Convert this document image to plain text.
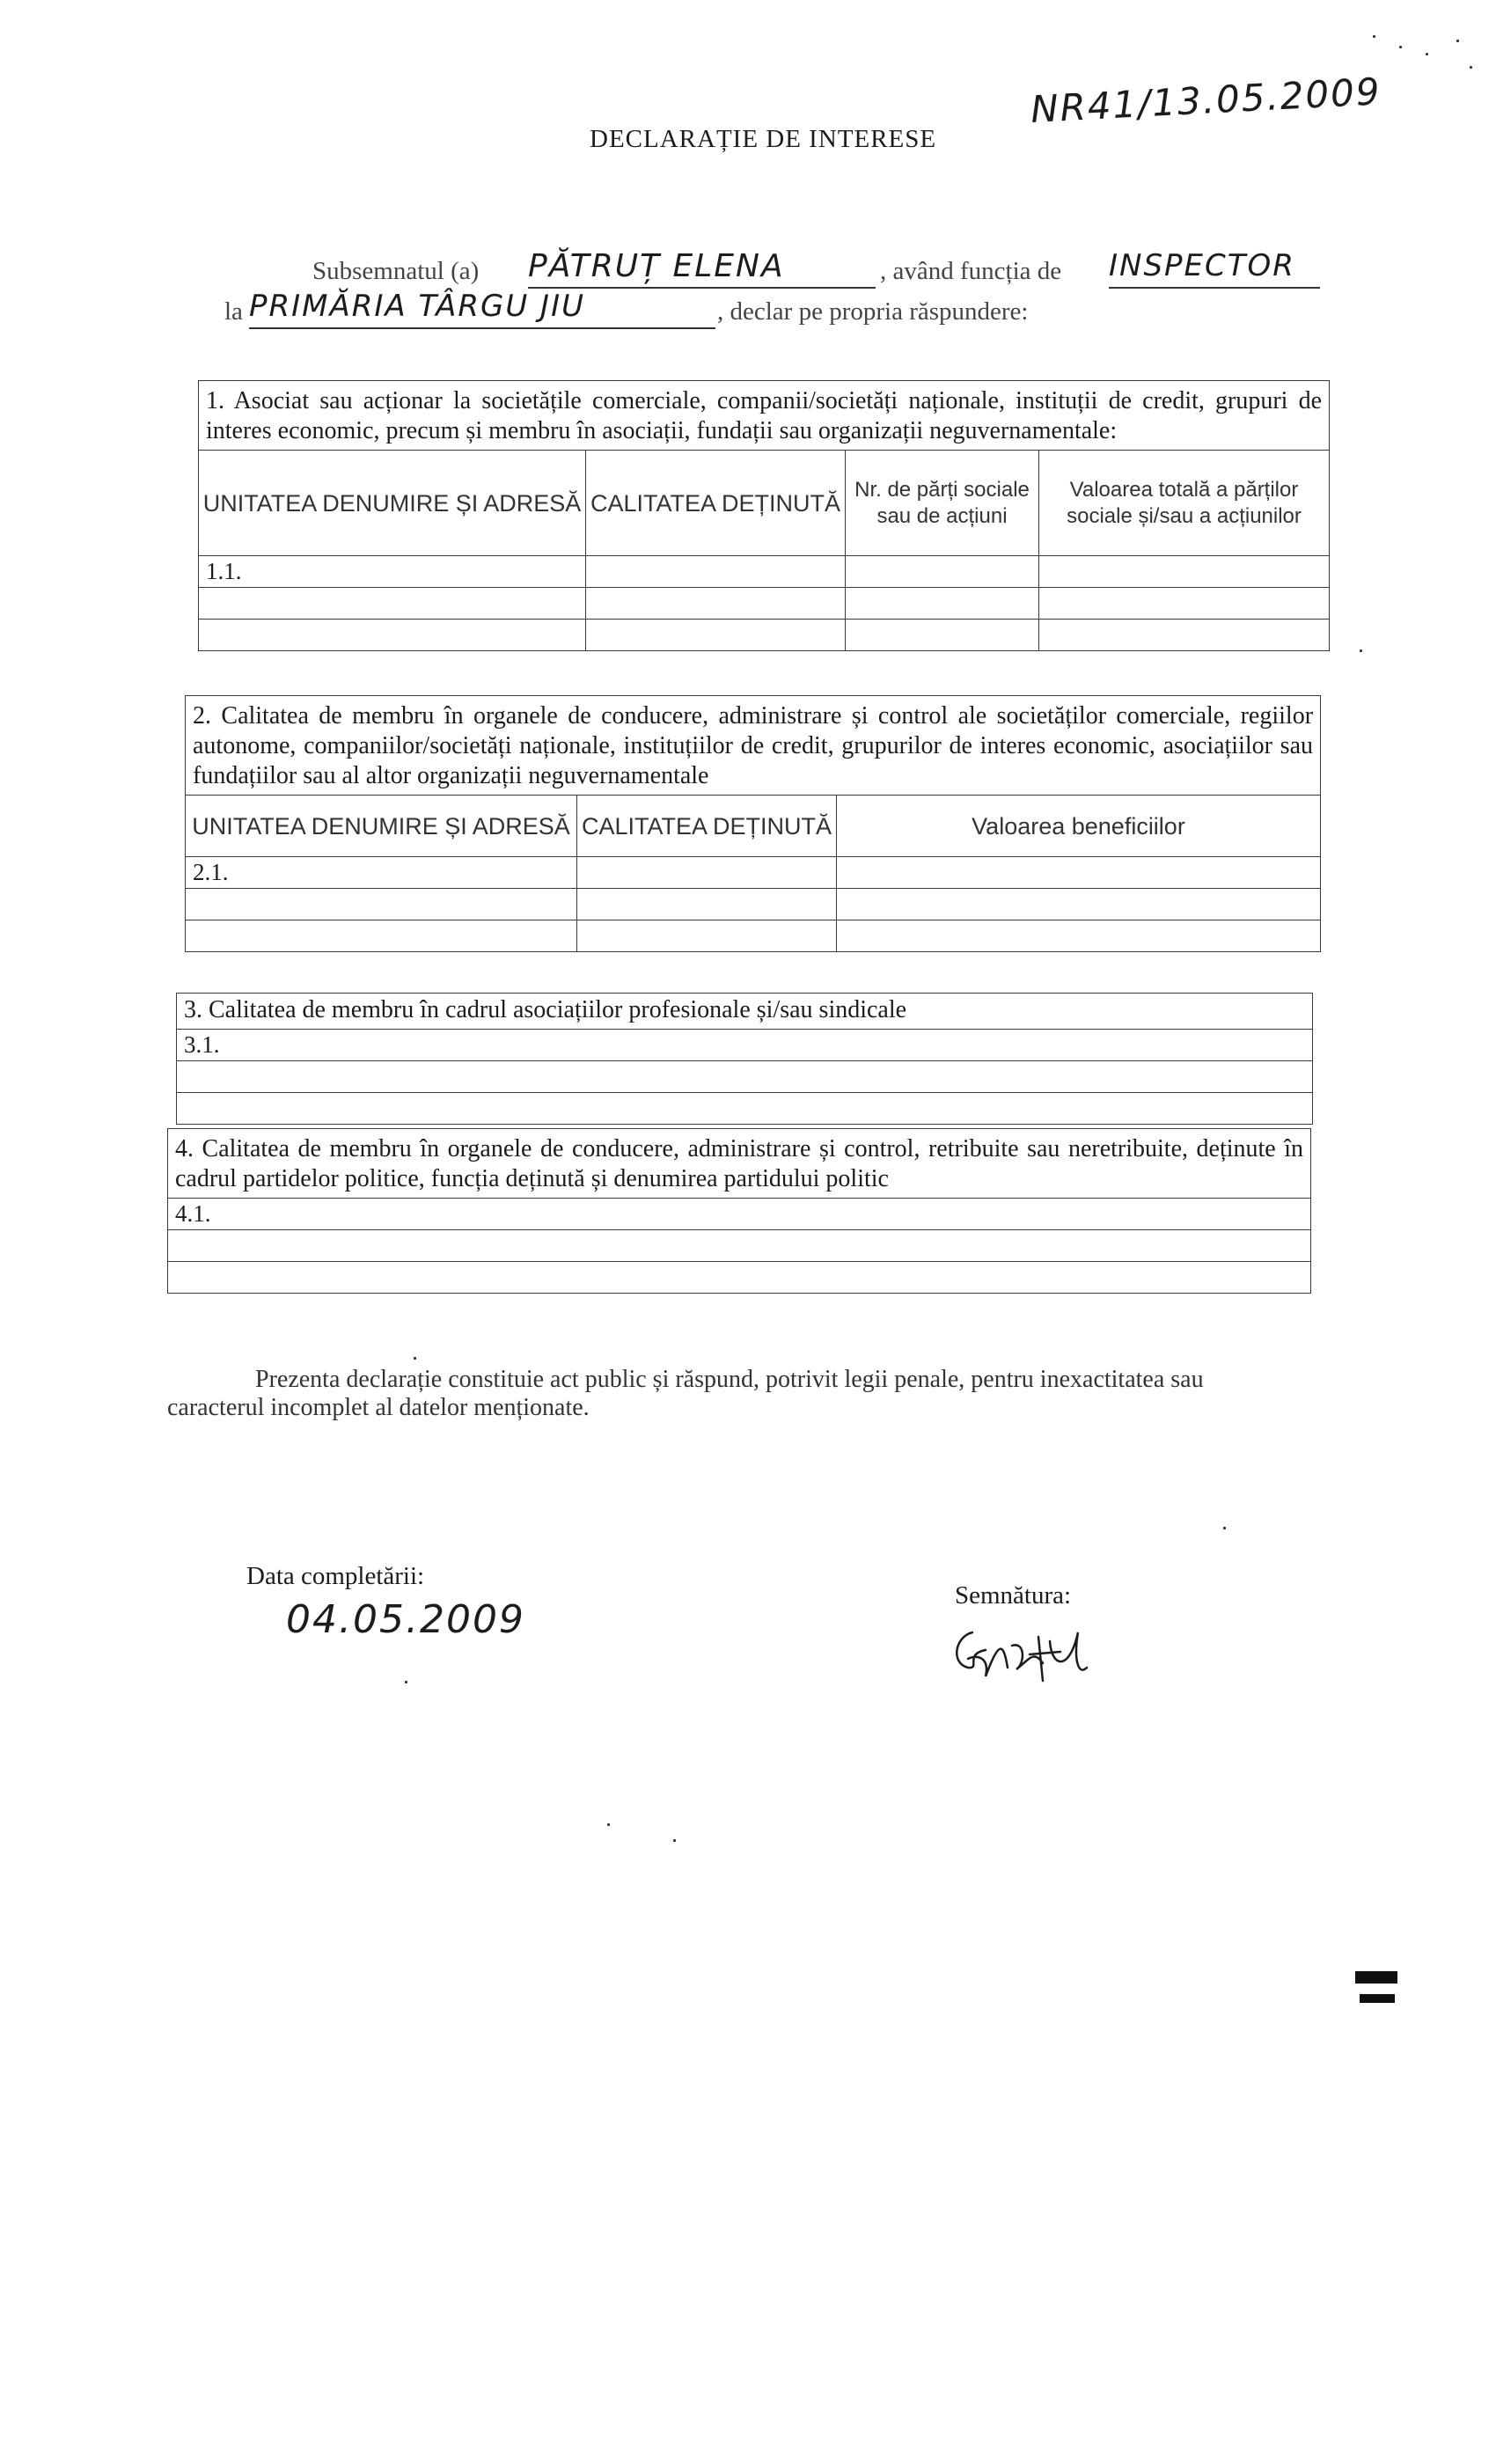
DECLARAȚIE DE INTERESE
NR41/13.05.2009
Subsemnatul (a) PĂTRUȚ ELENA	, având funcția de INSPECTOR
la PRIMĂRIA TÂRGU JIU	, declar pe propria răspundere:
1. Asociat sau acționar la societățile comerciale, companii/societăți naționale, instituții de credit, grupuri de interes economic, precum și membru în asociații, fundații sau organizații neguvernamentale:			
UNITATEA DENUMIRE ȘI ADRESĂ	CALITATEA DEȚINUTĂ	Nr. de părți sociale sau de acțiuni	Valoarea totală a părților sociale și/sau a acțiunilor
1.1.			

2. Calitatea de membru în organele de conducere, administrare și control ale societăților comerciale, regiilor autonome, companiilor/societăți naționale, instituțiilor de credit, grupurilor de interes economic, asociațiilor sau fundațiilor sau al altor organizații neguvernamentale		
UNITATEA DENUMIRE ȘI ADRESĂ	CALITATEA DEȚINUTĂ	Valoarea beneficiilor
2.1.		

3. Calitatea de membru în cadrul asociațiilor profesionale și/sau sindicale
3.1.

4. Calitatea de membru în organele de conducere, administrare și control, retribuite sau neretribuite, deținute în cadrul partidelor politice, funcția deținută și denumirea partidului politic
4.1.

Prezenta declarație constituie act public și răspund, potrivit legii penale, pentru inexactitatea sau caracterul incomplet al datelor menționate.
Data completării:
04.05.2009
Semnătura:
